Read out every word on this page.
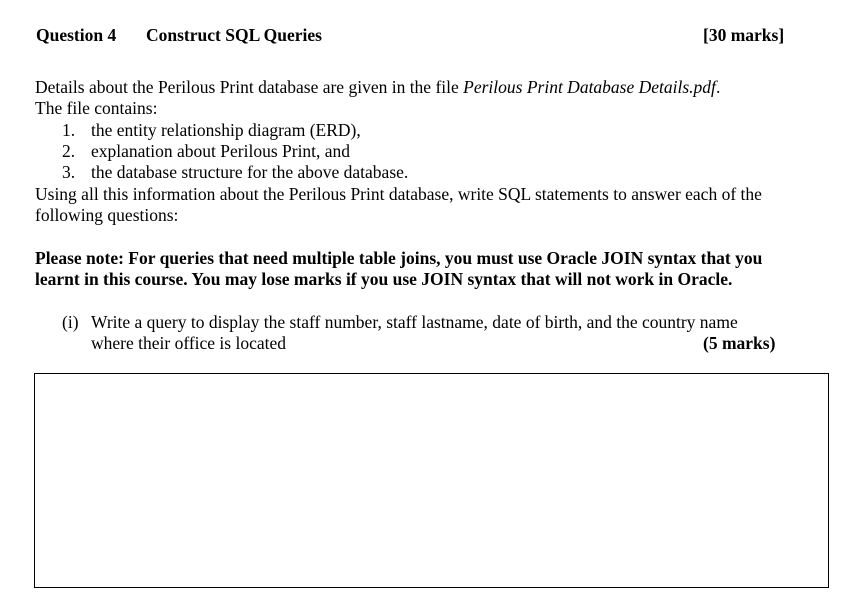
Question 4 Construct SQL Queries	[30 marks]
Details about the Perilous Print database are given in the file Perilous Print Database Details.pdf.
The file contains:
1. the entity relationship diagram (ERD),
2. explanation about Perilous Print, and
3. the database structure for the above database.
Using all this information about the Perilous Print database, write SQL statements to answer each of the
following questions:
Please note: For queries that need multiple table joins, you must use Oracle JOIN syntax that you
learnt in this course. You may lose marks if you use JOIN syntax that will not work in Oracle.
(i) Write a query to display the staff number, staff lastname, date of birth, and the country name
where their office is located	(5 marks)
